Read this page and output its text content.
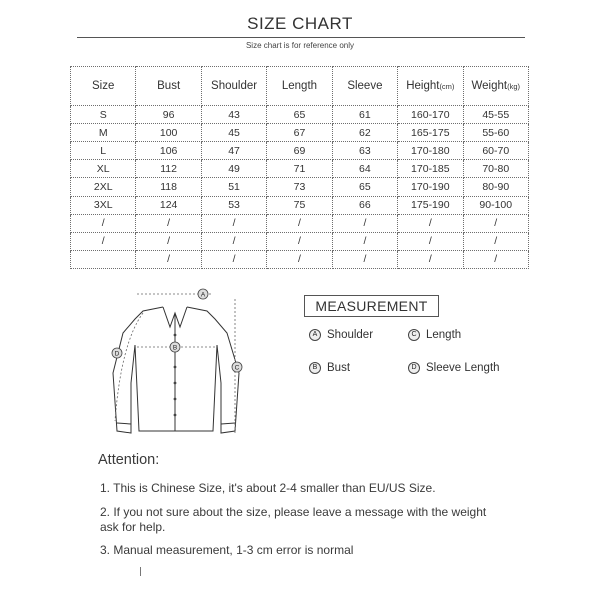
SIZE CHART
Size chart is for reference only
Size	Bust	Shoulder	Length	Sleeve	Height(cm)	Weight(kg)
S	96	43	65	61	160-170	45-55
M	100	45	67	62	165-175	55-60
L	106	47	69	63	170-180	60-70
XL	112	49	71	64	170-185	70-80
2XL	118	51	73	65	170-190	80-90
3XL	124	53	75	66	175-190	90-100
/	/	/	/	/	/	/
/	/	/	/	/	/	/
	/	/	/	/	/	/
A
B
C
D
MEASUREMENT
A Shoulder	C Length
B Bust	D Sleeve Length
Attention:
1. This is Chinese Size, it's about 2-4 smaller than EU/US Size.
2. If you not sure about the size, please leave a message with the weight ask for help.
3. Manual measurement, 1-3 cm error is normal
